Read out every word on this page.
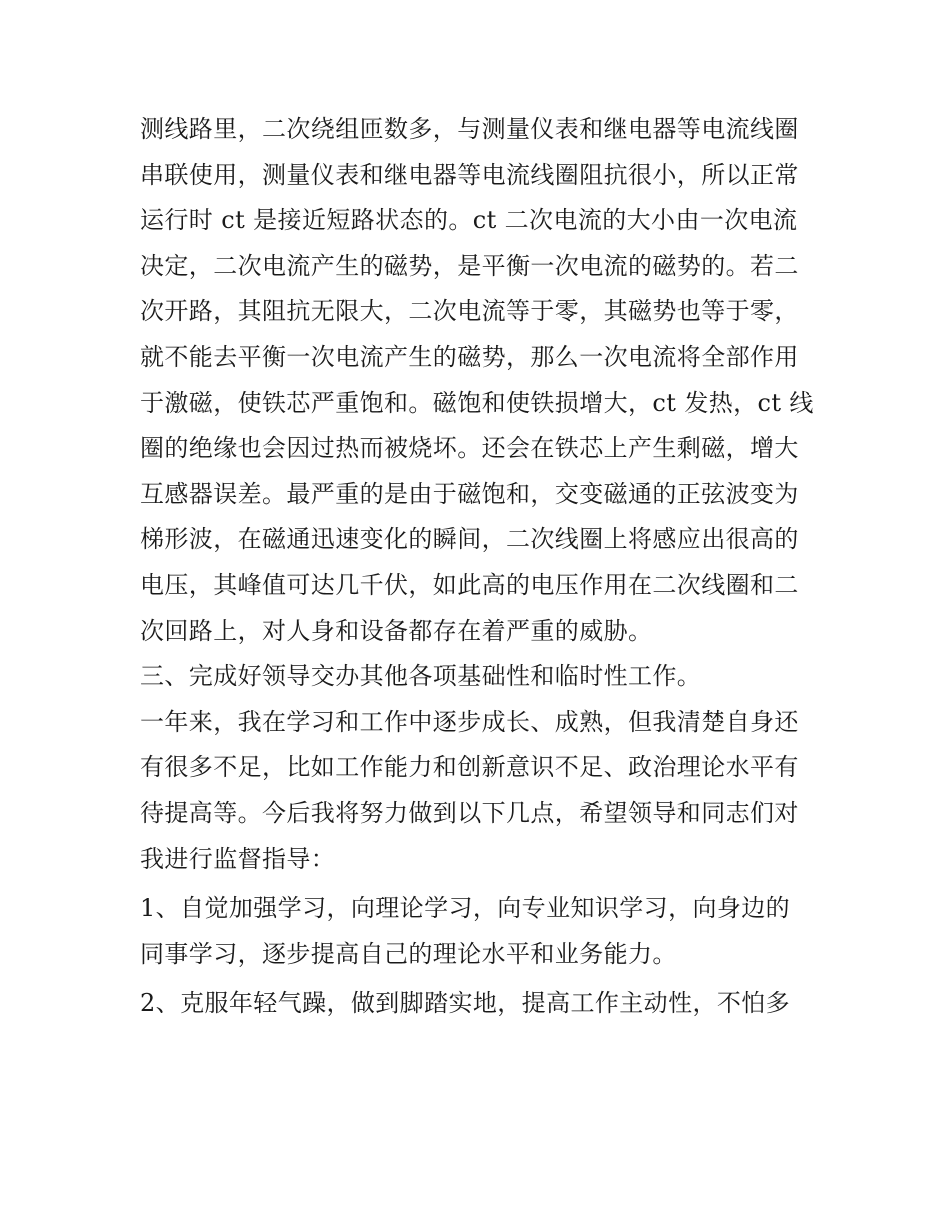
测线路里，二次绕组匝数多，与测量仪表和继电器等电流线圈
串联使用，测量仪表和继电器等电流线圈阻抗很小，所以正常
运行时 ct 是接近短路状态的。ct 二次电流的大小由一次电流
决定，二次电流产生的磁势，是平衡一次电流的磁势的。若二
次开路，其阻抗无限大，二次电流等于零，其磁势也等于零，
就不能去平衡一次电流产生的磁势，那么一次电流将全部作用
于激磁，使铁芯严重饱和。磁饱和使铁损增大，ct 发热，ct 线
圈的绝缘也会因过热而被烧坏。还会在铁芯上产生剩磁，增大
互感器误差。最严重的是由于磁饱和，交变磁通的正弦波变为
梯形波，在磁通迅速变化的瞬间，二次线圈上将感应出很高的
电压，其峰值可达几千伏，如此高的电压作用在二次线圈和二
次回路上，对人身和设备都存在着严重的威胁。
三、完成好领导交办其他各项基础性和临时性工作。
一年来，我在学习和工作中逐步成长、成熟，但我清楚自身还
有很多不足，比如工作能力和创新意识不足、政治理论水平有
待提高等。今后我将努力做到以下几点，希望领导和同志们对
我进行监督指导：
1、自觉加强学习，向理论学习，向专业知识学习，向身边的
同事学习，逐步提高自己的理论水平和业务能力。
2、克服年轻气躁，做到脚踏实地，提高工作主动性，不怕多
